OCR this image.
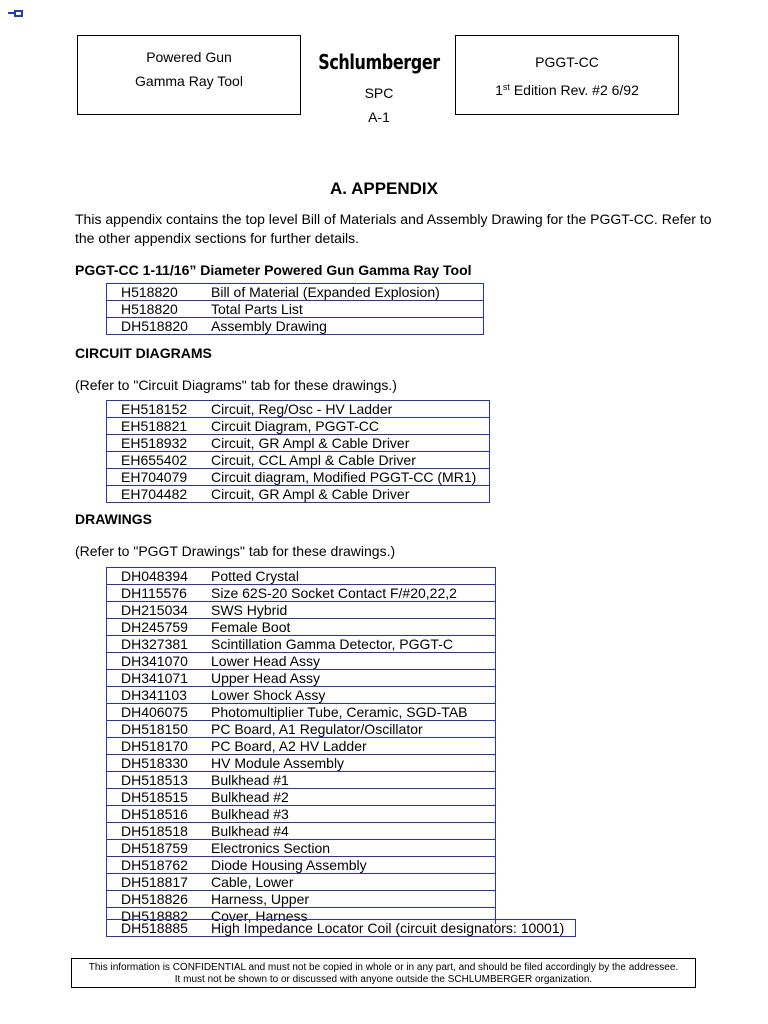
Powered Gun
Gamma Ray Tool
Schlumberger
SPC
A-1
PGGT-CC
1st Edition Rev. #2 6/92
A. APPENDIX
This appendix contains the top level Bill of Materials and Assembly Drawing for the PGGT-CC. Refer to the other appendix sections for further details.
PGGT-CC 1-11/16” Diameter Powered Gun Gamma Ray Tool
H518820	Bill of Material (Expanded Explosion)
H518820	Total Parts List
DH518820	Assembly Drawing
CIRCUIT DIAGRAMS
(Refer to "Circuit Diagrams" tab for these drawings.)
EH518152	Circuit, Reg/Osc - HV Ladder
EH518821	Circuit Diagram, PGGT-CC
EH518932	Circuit, GR Ampl & Cable Driver
EH655402	Circuit, CCL Ampl & Cable Driver
EH704079	Circuit diagram, Modified PGGT-CC (MR1)
EH704482	Circuit, GR Ampl & Cable Driver
DRAWINGS
(Refer to "PGGT Drawings" tab for these drawings.)
DH048394	Potted Crystal
DH115576	Size 62S-20 Socket Contact F/#20,22,2
DH215034	SWS Hybrid
DH245759	Female Boot
DH327381	Scintillation Gamma Detector, PGGT-C
DH341070	Lower Head Assy
DH341071	Upper Head Assy
DH341103	Lower Shock Assy
DH406075	Photomultiplier Tube, Ceramic, SGD-TAB
DH518150	PC Board, A1 Regulator/Oscillator
DH518170	PC Board, A2 HV Ladder
DH518330	HV Module Assembly
DH518513	Bulkhead #1
DH518515	Bulkhead #2
DH518516	Bulkhead #3
DH518518	Bulkhead #4
DH518759	Electronics Section
DH518762	Diode Housing Assembly
DH518817	Cable, Lower
DH518826	Harness, Upper
DH518882	Cover, Harness
DH518885	High Impedance Locator Coil (circuit designators: 10001)
This information is CONFIDENTIAL and must not be copied in whole or in any part, and should be filed accordingly by the addressee.
It must not be shown to or discussed with anyone outside the SCHLUMBERGER organization.
